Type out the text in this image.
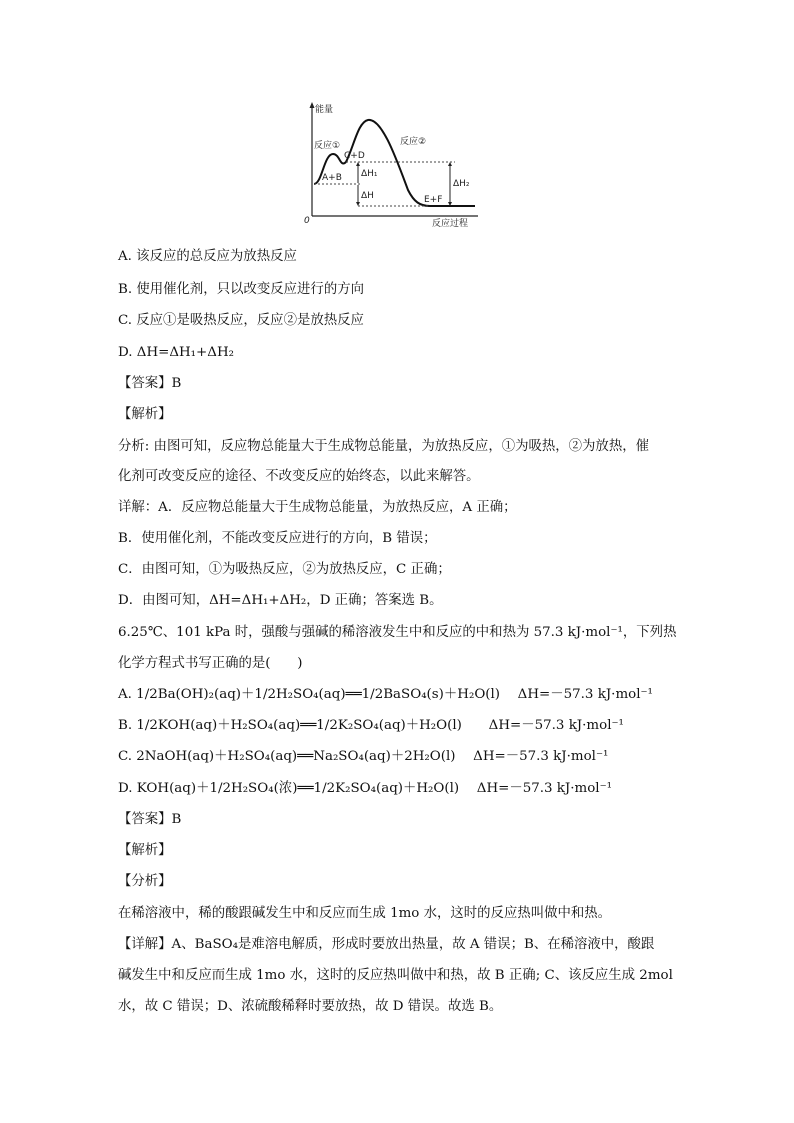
能量
反应过程
0
反应①	反应②
C+D
A+B ΔH₁
ΔH
ΔH₂
E+F
A. 该反应的总反应为放热反应
B. 使用催化剂，只以改变反应进行的方向
C. 反应①是吸热反应，反应②是放热反应
D. ΔH=ΔH₁+ΔH₂
【答案】B
【解析】
分析: 由图可知，反应物总能量大于生成物总能量，为放热反应，①为吸热，②为放热，催
化剂可改变反应的途径、不改变反应的始终态，以此来解答。
详解：A．反应物总能量大于生成物总能量，为放热反应，A 正确；
B．使用催化剂，不能改变反应进行的方向，B 错误；
C．由图可知，①为吸热反应，②为放热反应，C 正确；
D．由图可知，ΔH=ΔH₁+ΔH₂，D 正确；答案选 B。
6.25℃、101 kPa 时，强酸与强碱的稀溶液发生中和反应的中和热为 57.3 kJ·mol⁻¹，下列热
化学方程式书写正确的是(　　)
A. 1/2Ba(OH)₂(aq)＋1/2H₂SO₄(aq)══1/2BaSO₄(s)＋H₂O(l)　 ΔH=－57.3 kJ·mol⁻¹
B. 1/2KOH(aq)＋H₂SO₄(aq)══1/2K₂SO₄(aq)＋H₂O(l)　　ΔH=－57.3 kJ·mol⁻¹
C. 2NaOH(aq)＋H₂SO₄(aq)══Na₂SO₄(aq)＋2H₂O(l)　 ΔH=－57.3 kJ·mol⁻¹
D. KOH(aq)＋1/2H₂SO₄(浓)══1/2K₂SO₄(aq)＋H₂O(l)　 ΔH=－57.3 kJ·mol⁻¹
【答案】B
【解析】
【分析】
在稀溶液中，稀的酸跟碱发生中和反应而生成 1mo 水，这时的反应热叫做中和热。
【详解】A、BaSO₄是难溶电解质，形成时要放出热量，故 A 错误；B、在稀溶液中，酸跟
碱发生中和反应而生成 1mo 水，这时的反应热叫做中和热，故 B 正确; C、该反应生成 2mol
水，故 C 错误；D、浓硫酸稀释时要放热，故 D 错误。故选 B。
